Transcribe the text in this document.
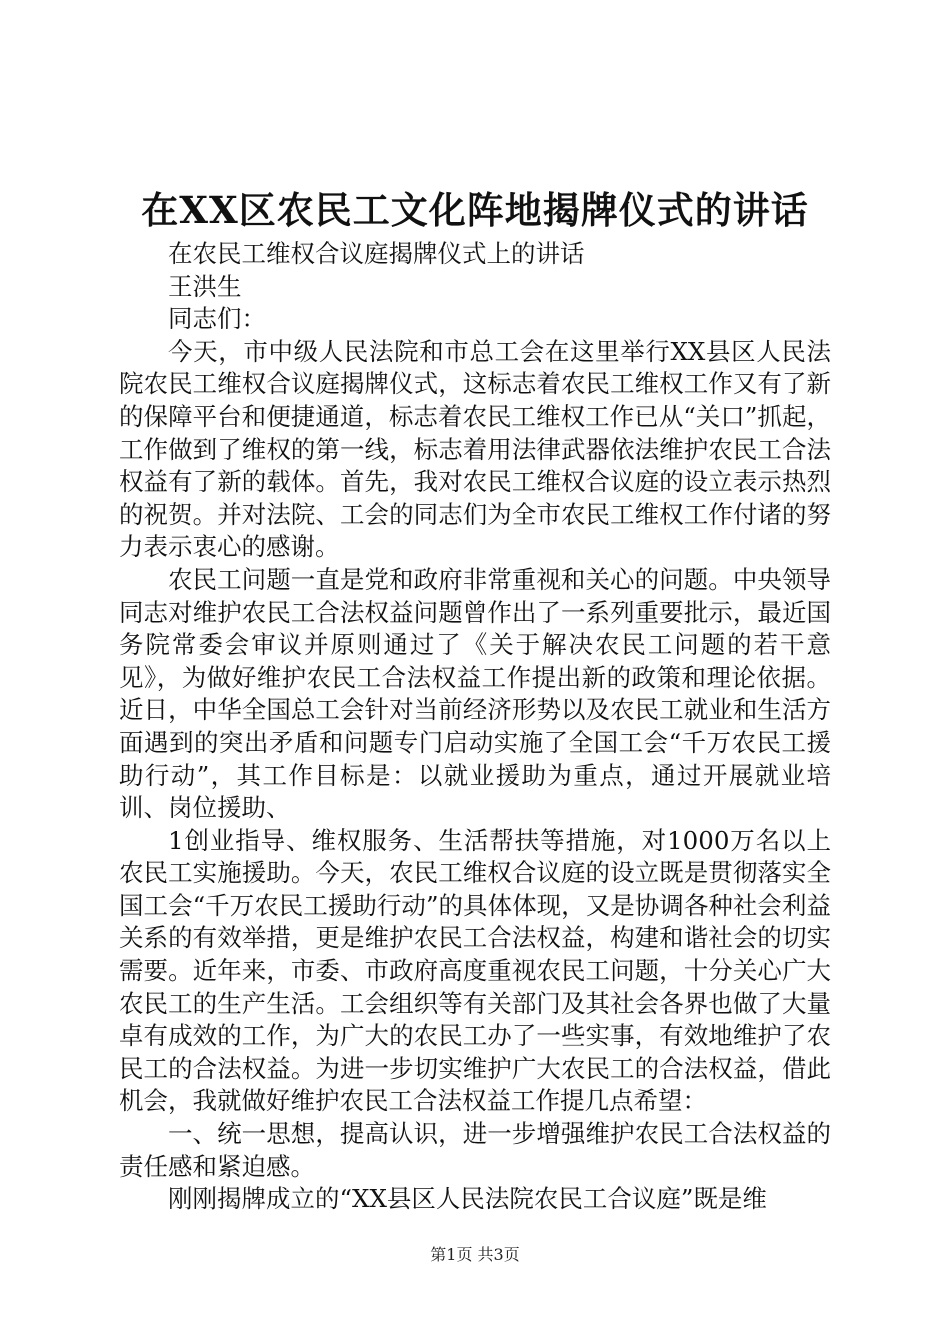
在XX区农民工文化阵地揭牌仪式的讲话

在农民工维权合议庭揭牌仪式上的讲话

王洪生

同志们：

今天，市中级人民法院和市总工会在这里举行XX县区人民法院农民工维权合议庭揭牌仪式，这标志着农民工维权工作又有了新的保障平台和便捷通道，标志着农民工维权工作已从“关口”抓起，工作做到了维权的第一线，标志着用法律武器依法维护农民工合法权益有了新的载体。首先，我对农民工维权合议庭的设立表示热烈的祝贺。并对法院、工会的同志们为全市农民工维权工作付诸的努力表示衷心的感谢。

农民工问题一直是党和政府非常重视和关心的问题。中央领导同志对维护农民工合法权益问题曾作出了一系列重要批示，最近国务院常委会审议并原则通过了《关于解决农民工问题的若干意见》，为做好维护农民工合法权益工作提出新的政策和理论依据。近日，中华全国总工会针对当前经济形势以及农民工就业和生活方面遇到的突出矛盾和问题专门启动实施了全国工会“千万农民工援助行动”，其工作目标是：以就业援助为重点，通过开展就业培训、岗位援助、

1创业指导、维权服务、生活帮扶等措施，对1000万名以上农民工实施援助。今天，农民工维权合议庭的设立既是贯彻落实全国工会“千万农民工援助行动”的具体体现，又是协调各种社会利益关系的有效举措，更是维护农民工合法权益，构建和谐社会的切实需要。近年来，市委、市政府高度重视农民工问题，十分关心广大农民工的生产生活。工会组织等有关部门及其社会各界也做了大量卓有成效的工作，为广大的农民工办了一些实事，有效地维护了农民工的合法权益。为进一步切实维护广大农民工的合法权益，借此机会，我就做好维护农民工合法权益工作提几点希望：

一、统一思想，提高认识，进一步增强维护农民工合法权益的责任感和紧迫感。

刚刚揭牌成立的“XX县区人民法院农民工合议庭”既是维

第1页 共3页
